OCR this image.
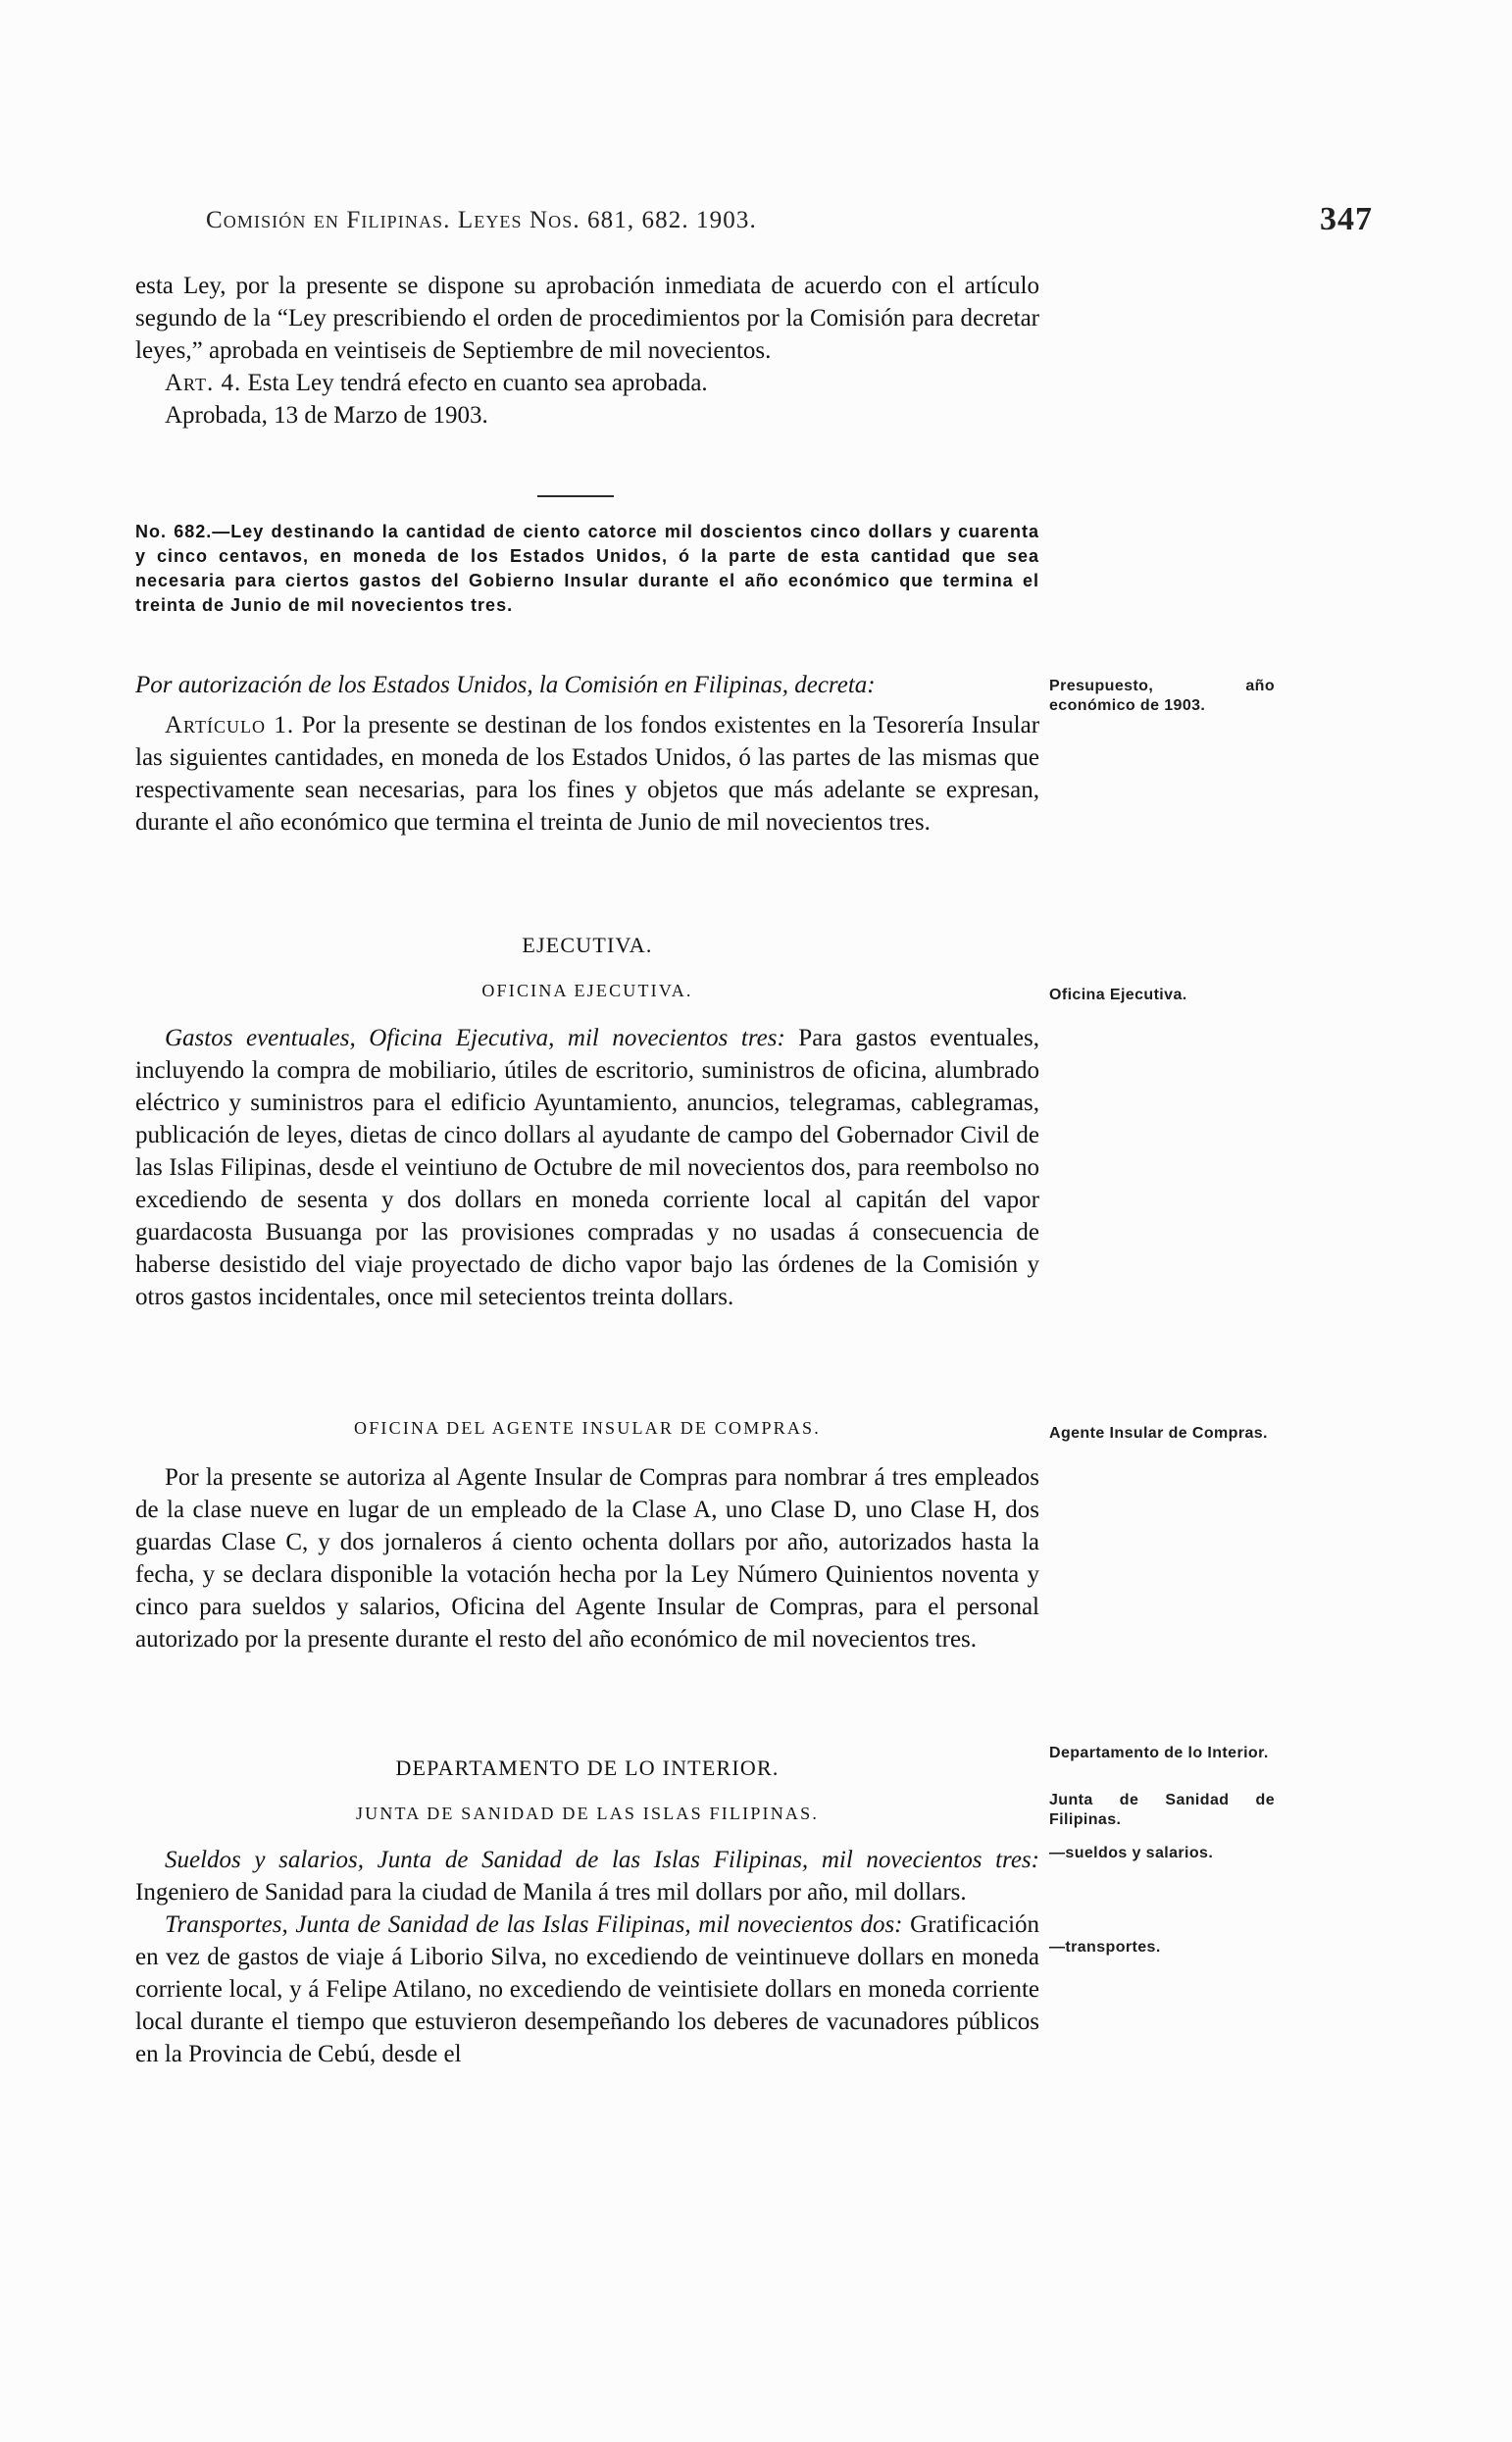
Comisión en Filipinas. Leyes Nos. 681, 682. 1903.	347

esta Ley, por la presente se dispone su aprobación inmediata de acuerdo con el artículo segundo de la “Ley prescribiendo el orden de procedimientos por la Comisión para decretar leyes,” aprobada en veintiseis de Septiembre de mil novecientos.

Art. 4. Esta Ley tendrá efecto en cuanto sea aprobada.

Aprobada, 13 de Marzo de 1903.

No. 682.—Ley destinando la cantidad de ciento catorce mil doscientos cinco dollars y cuarenta y cinco centavos, en moneda de los Estados Unidos, ó la parte de esta cantidad que sea necesaria para ciertos gastos del Gobierno Insular durante el año económico que termina el treinta de Junio de mil novecientos tres.

Por autorización de los Estados Unidos, la Comisión en Filipinas, decreta:

Artículo 1. Por la presente se destinan de los fondos existentes en la Tesorería Insular las siguientes cantidades, en moneda de los Estados Unidos, ó las partes de las mismas que respectivamente sean necesarias, para los fines y objetos que más adelante se expresan, durante el año económico que termina el treinta de Junio de mil novecientos tres.

EJECUTIVA.
OFICINA EJECUTIVA.

Gastos eventuales, Oficina Ejecutiva, mil novecientos tres: Para gastos eventuales, incluyendo la compra de mobiliario, útiles de escritorio, suministros de oficina, alumbrado eléctrico y suministros para el edificio Ayuntamiento, anuncios, telegramas, cablegramas, publicación de leyes, dietas de cinco dollars al ayudante de campo del Gobernador Civil de las Islas Filipinas, desde el veintiuno de Octubre de mil novecientos dos, para reembolso no excediendo de sesenta y dos dollars en moneda corriente local al capitán del vapor guardacosta Busuanga por las provisiones compradas y no usadas á consecuencia de haberse desistido del viaje proyectado de dicho vapor bajo las órdenes de la Comisión y otros gastos incidentales, once mil setecientos treinta dollars.

OFICINA DEL AGENTE INSULAR DE COMPRAS.

Por la presente se autoriza al Agente Insular de Compras para nombrar á tres empleados de la clase nueve en lugar de un empleado de la Clase A, uno Clase D, uno Clase H, dos guardas Clase C, y dos jornaleros á ciento ochenta dollars por año, autorizados hasta la fecha, y se declara disponible la votación hecha por la Ley Número Quinientos noventa y cinco para sueldos y salarios, Oficina del Agente Insular de Compras, para el personal autorizado por la presente durante el resto del año económico de mil novecientos tres.

DEPARTAMENTO DE LO INTERIOR.
JUNTA DE SANIDAD DE LAS ISLAS FILIPINAS.

Sueldos y salarios, Junta de Sanidad de las Islas Filipinas, mil novecientos tres: Ingeniero de Sanidad para la ciudad de Manila á tres mil dollars por año, mil dollars.

Transportes, Junta de Sanidad de las Islas Filipinas, mil novecientos dos: Gratificación en vez de gastos de viaje á Liborio Silva, no excediendo de veintinueve dollars en moneda corriente local, y á Felipe Atilano, no excediendo de veintisiete dollars en moneda corriente local durante el tiempo que estuvieron desempeñando los deberes de vacunadores públicos en la Provincia de Cebú, desde el

Presupuesto, año económico de 1903.
Oficina Ejecutiva.
Agente Insular de Compras.
Departamento de lo Interior.
Junta de Sanidad de Filipinas.
—sueldos y salarios.
—transportes.
